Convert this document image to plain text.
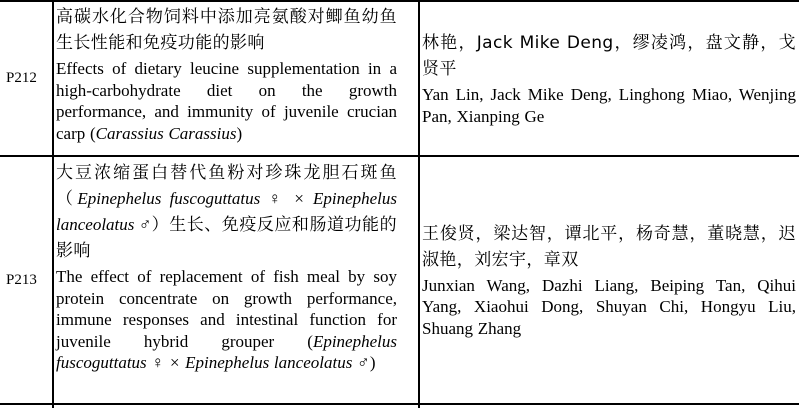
P212
高碳水化合物饲料中添加亮氨酸对鲫鱼幼鱼生长性能和免疫功能的影响
Effects of dietary leucine supplementation in a high-carbohydrate diet on the growth performance, and immunity of juvenile crucian carp (Carassius Carassius)
林艳，Jack Mike Deng，缪凌鸿，盘文静，戈贤平
Yan Lin, Jack Mike Deng, Linghong Miao, Wenjing Pan, Xianping Ge
P213
大豆浓缩蛋白替代鱼粉对珍珠龙胆石斑鱼（Epinephelus fuscoguttatus ♀ × Epinephelus lanceolatus ♂）生长、免疫反应和肠道功能的影响
The effect of replacement of fish meal by soy protein concentrate on growth performance, immune responses and intestinal function for juvenile hybrid grouper (Epinephelus fuscoguttatus ♀ × Epinephelus lanceolatus ♂)
王俊贤，梁达智，谭北平，杨奇慧，董晓慧，迟淑艳，刘宏宇，章双
Junxian Wang, Dazhi Liang, Beiping Tan, Qihui Yang, Xiaohui Dong, Shuyan Chi, Hongyu Liu, Shuang Zhang
